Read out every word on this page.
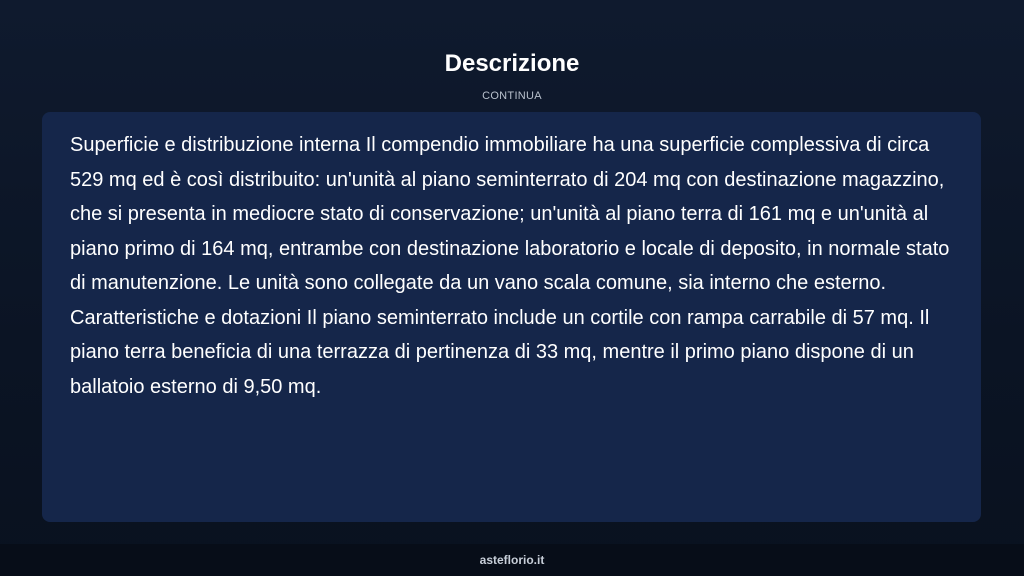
Descrizione
CONTINUA

Superficie e distribuzione interna Il compendio immobiliare ha una superficie complessiva di circa 529 mq ed è così distribuito: un'unità al piano seminterrato di 204 mq con destinazione magazzino, che si presenta in mediocre stato di conservazione; un'unità al piano terra di 161 mq e un'unità al piano primo di 164 mq, entrambe con destinazione laboratorio e locale di deposito, in normale stato di manutenzione. Le unità sono collegate da un vano scala comune, sia interno che esterno. Caratteristiche e dotazioni Il piano seminterrato include un cortile con rampa carrabile di 57 mq. Il piano terra beneficia di una terrazza di pertinenza di 33 mq, mentre il primo piano dispone di un ballatoio esterno di 9,50 mq.

asteflorio.it
